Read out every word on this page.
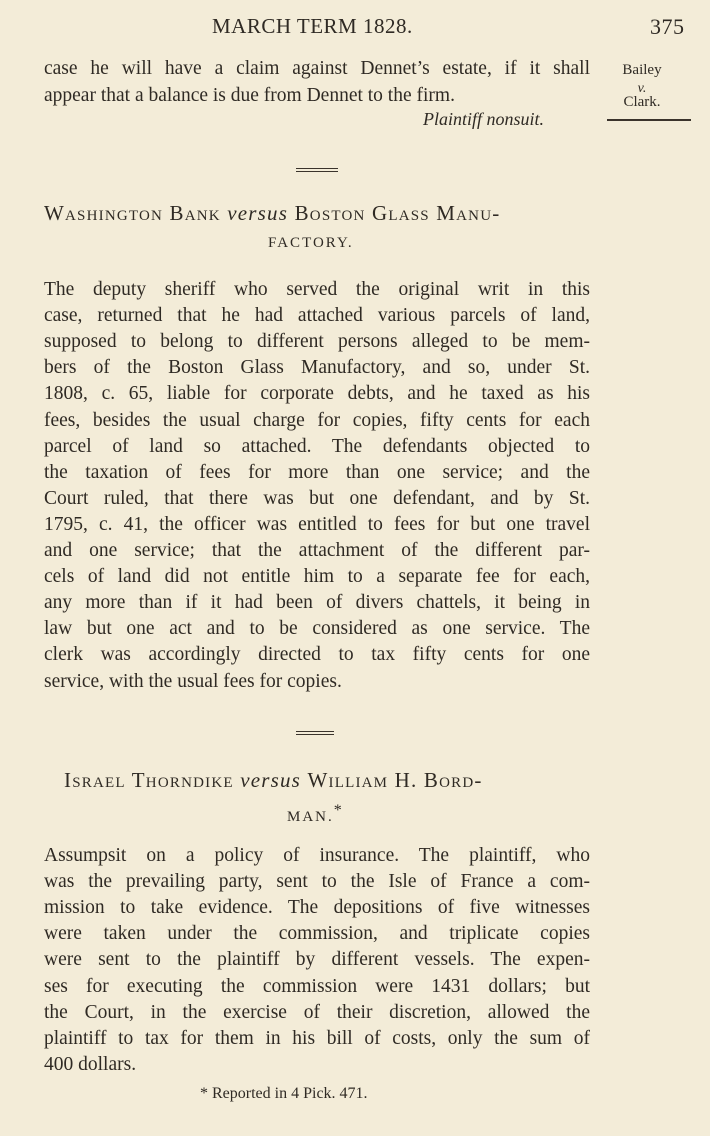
MARCH TERM 1828.	375
Bailey
v.
Clark.
case he will have a claim against Dennet’s estate, if it shall
appear that a balance is due from Dennet to the firm.
Plaintiff nonsuit.
Washington Bank versus Boston Glass Manu-
FACTORY.
The deputy sheriff who served the original writ in this
case, returned that he had attached various parcels of land,
supposed to belong to different persons alleged to be mem-
bers of the Boston Glass Manufactory, and so, under St.
1808, c. 65, liable for corporate debts, and he taxed as his
fees, besides the usual charge for copies, fifty cents for each
parcel of land so attached. The defendants objected to
the taxation of fees for more than one service; and the
Court ruled, that there was but one defendant, and by St.
1795, c. 41, the officer was entitled to fees for but one travel
and one service; that the attachment of the different par-
cels of land did not entitle him to a separate fee for each,
any more than if it had been of divers chattels, it being in
law but one act and to be considered as one service. The
clerk was accordingly directed to tax fifty cents for one
service, with the usual fees for copies.
Israel Thorndike versus William H. Bord-
MAN.*
Assumpsit on a policy of insurance. The plaintiff, who
was the prevailing party, sent to the Isle of France a com-
mission to take evidence. The depositions of five witnesses
were taken under the commission, and triplicate copies
were sent to the plaintiff by different vessels. The expen-
ses for executing the commission were 1431 dollars; but
the Court, in the exercise of their discretion, allowed the
plaintiff to tax for them in his bill of costs, only the sum of
400 dollars.
* Reported in 4 Pick. 471.
